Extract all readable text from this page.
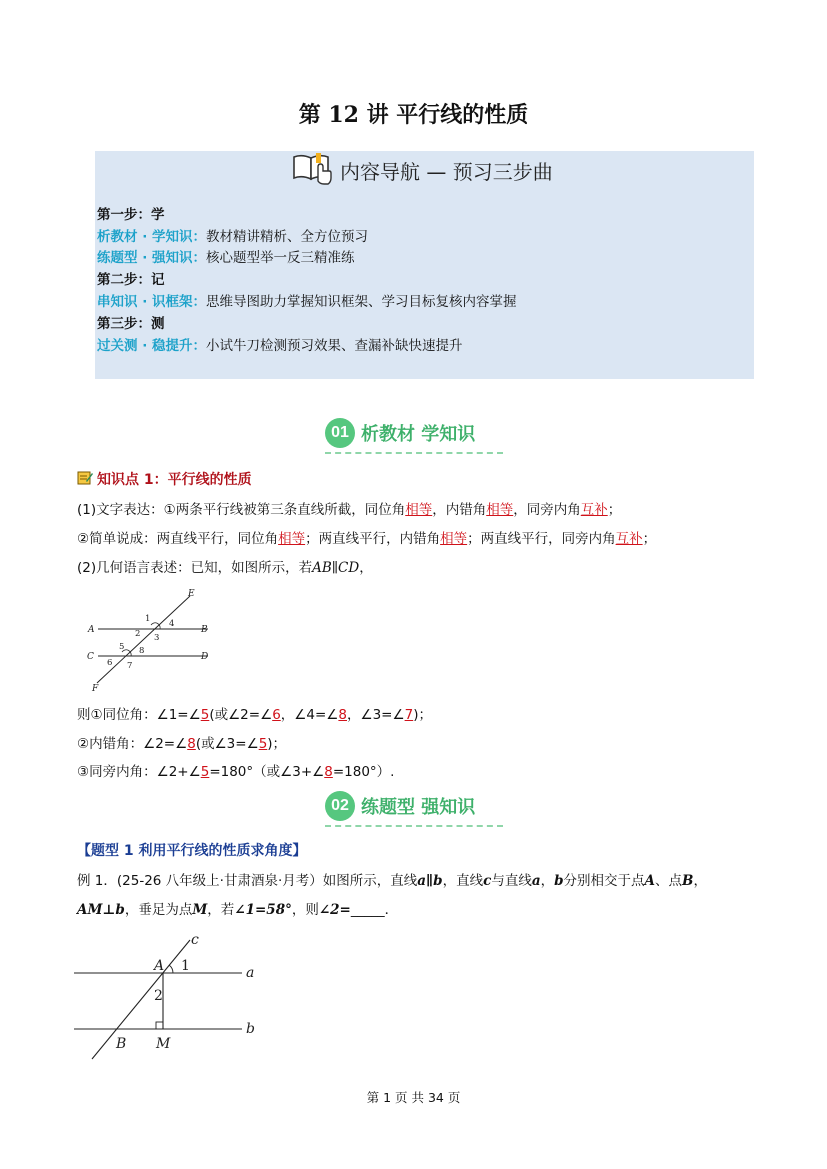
第 12 讲 平行线的性质
内容导航 — 预习三步曲
第一步：学
析教材 · 学知识：教材精讲精析、全方位预习
练题型 · 强知识：核心题型举一反三精准练
第二步：记
串知识 · 识框架：思维导图助力掌握知识框架、学习目标复核内容掌握
第三步：测
过关测 · 稳提升：小试牛刀检测预习效果、查漏补缺快速提升
01 析教材 学知识
知识点 1：平行线的性质
(1)文字表达：①两条平行线被第三条直线所截，同位角相等，内错角相等，同旁内角互补；
②简单说成：两直线平行，同位角相等；两直线平行，内错角相等；两直线平行，同旁内角互补；
(2)几何语言表述：已知，如图所示，若AB∥CD，
A	B
C	D
E
F
1
2 3
4
5
6 7
8
则①同位角：∠1=∠5(或∠2=∠6，∠4=∠8，∠3=∠7)；
②内错角：∠2=∠8(或∠3=∠5)；
③同旁内角：∠2+∠5=180°（或∠3+∠8=180°）.
02 练题型 强知识
【题型 1 利用平行线的性质求角度】
例 1．(25-26 八年级上·甘肃酒泉·月考）如图所示，直线a∥b，直线c与直线a，b分别相交于点A、点B，
AM⊥b，垂足为点M，若∠1=58°，则∠2=_____．
c
a
b
A
B M
1
2
第 1 页 共 34 页
